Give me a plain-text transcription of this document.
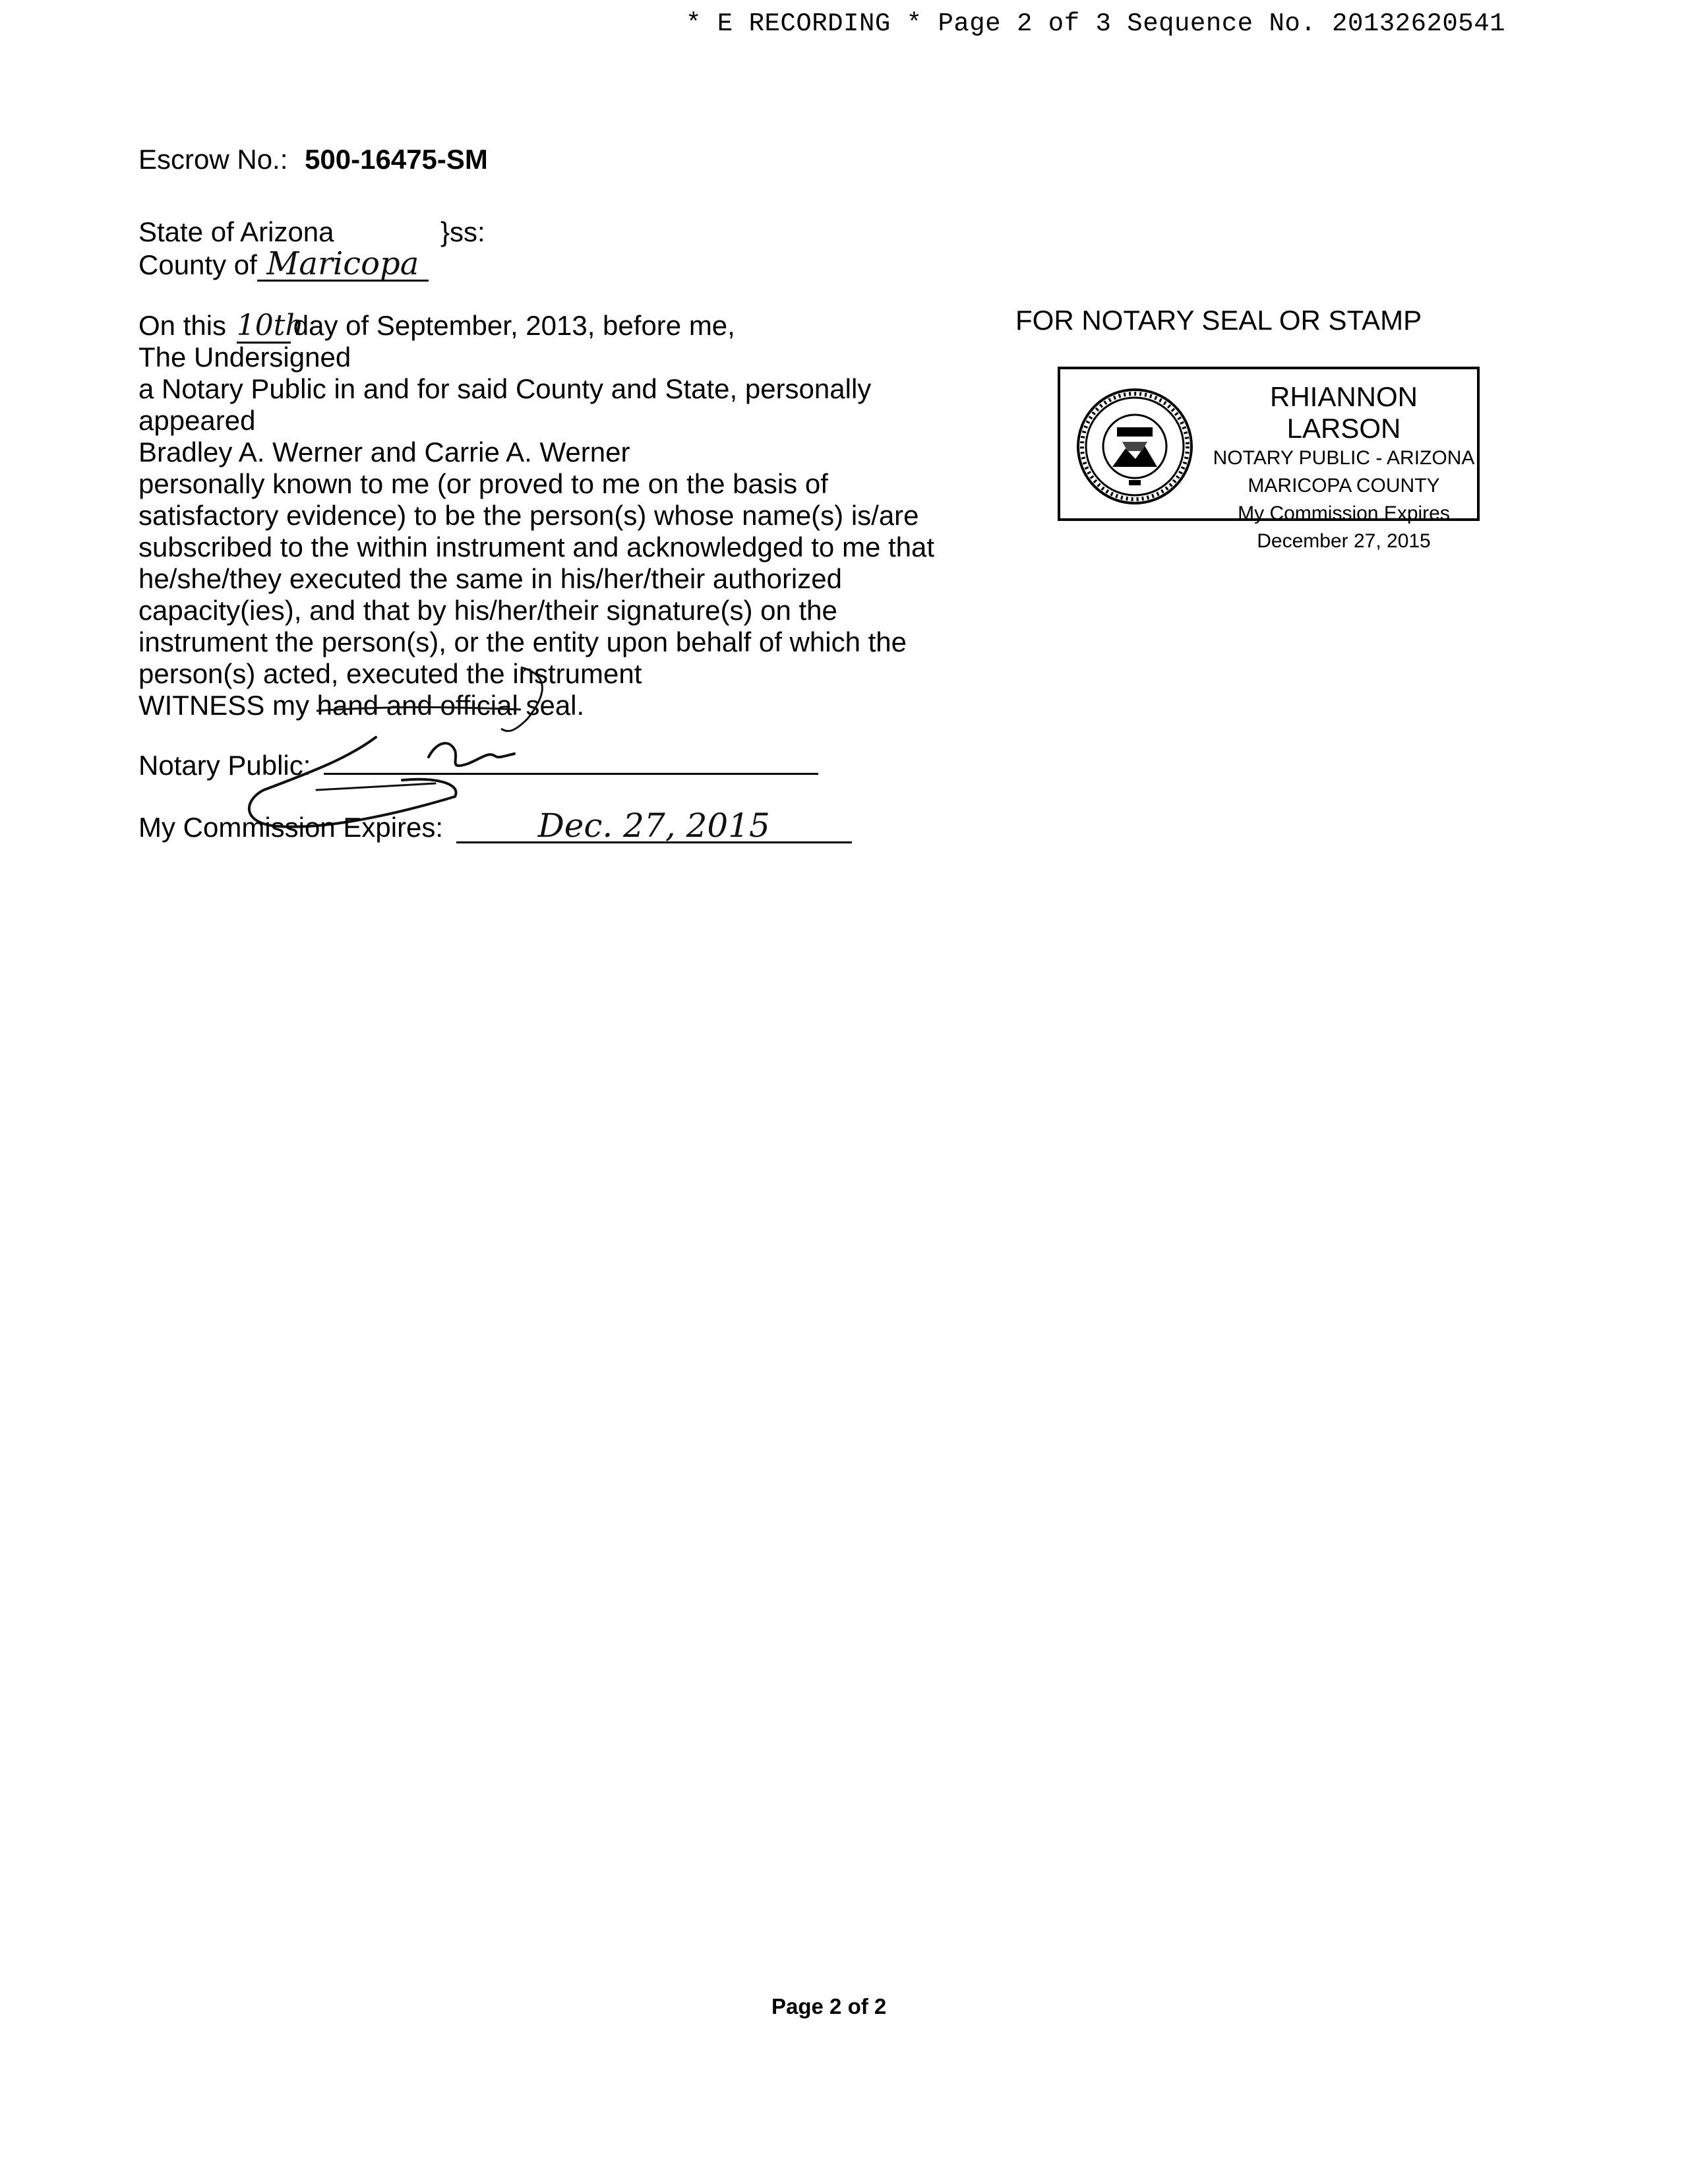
* E RECORDING * Page 2 of 3 Sequence No. 20132620541
Escrow No.: 500-16475-SM
State of Arizona	}ss:
County of Maricopa
On this 10thday of September, 2013, before me,
The Undersigned
a Notary Public in and for said County and State, personally
appeared
Bradley A. Werner and Carrie A. Werner
personally known to me (or proved to me on the basis of
satisfactory evidence) to be the person(s) whose name(s) is/are
subscribed to the within instrument and acknowledged to me that
he/she/they executed the same in his/her/their authorized
capacity(ies), and that by his/her/their signature(s) on the
instrument the person(s), or the entity upon behalf of which the
person(s) acted, executed the instrument
WITNESS my hand and official seal.
Notary Public:
My Commission Expires:	Dec. 27, 2015
FOR NOTARY SEAL OR STAMP
RHIANNON LARSON
NOTARY PUBLIC - ARIZONA
MARICOPA COUNTY
My Commission Expires
December 27, 2015
Page 2 of 2
